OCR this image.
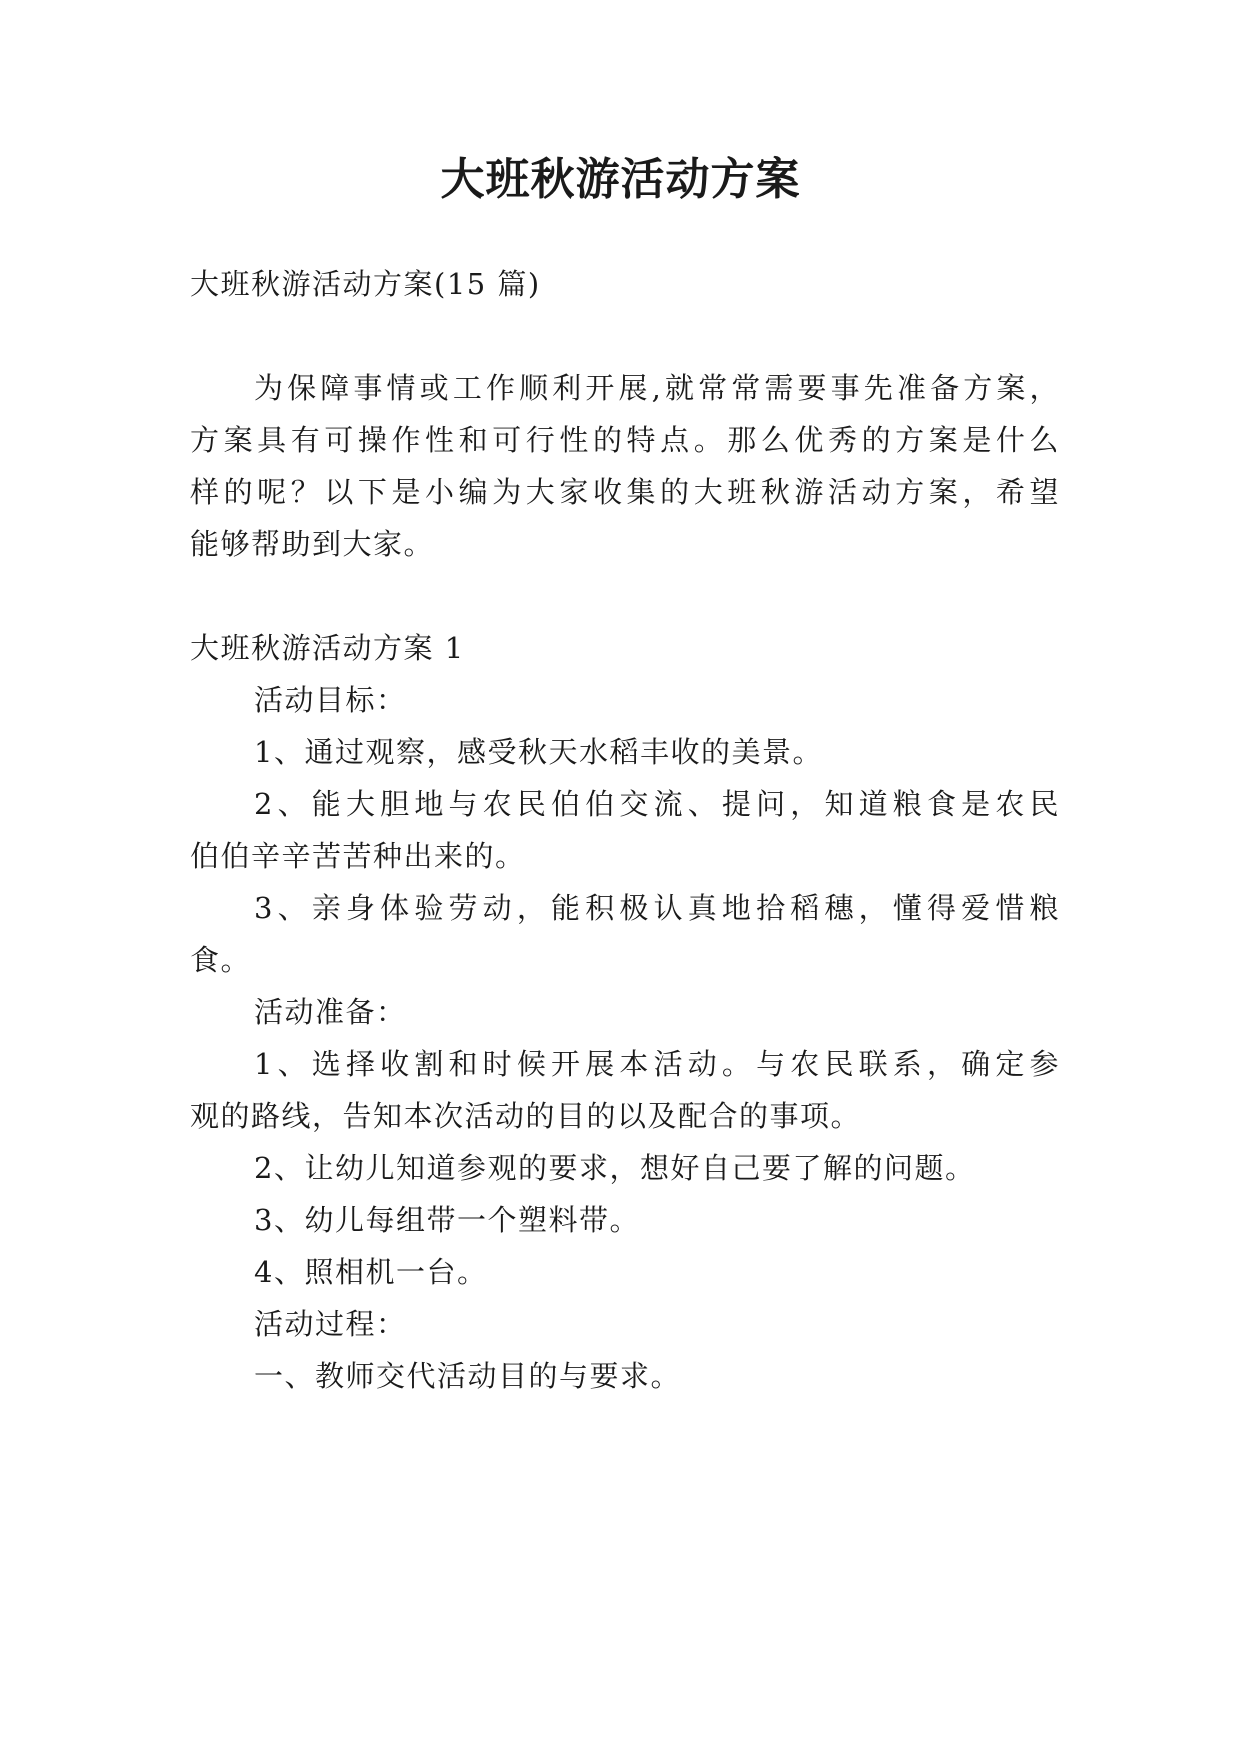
大班秋游活动方案
大班秋游活动方案(15 篇)
为保障事情或工作顺利开展,就常常需要事先准备方案，
方案具有可操作性和可行性的特点。那么优秀的方案是什么
样的呢？以下是小编为大家收集的大班秋游活动方案，希望
能够帮助到大家。
大班秋游活动方案 1
活动目标：
1、通过观察，感受秋天水稻丰收的美景。
2、能大胆地与农民伯伯交流、提问，知道粮食是农民
伯伯辛辛苦苦种出来的。
3、亲身体验劳动，能积极认真地拾稻穗，懂得爱惜粮
食。
活动准备：
1、选择收割和时候开展本活动。与农民联系，确定参
观的路线，告知本次活动的目的以及配合的事项。
2、让幼儿知道参观的要求，想好自己要了解的问题。
3、幼儿每组带一个塑料带。
4、照相机一台。
活动过程：
一、教师交代活动目的与要求。
